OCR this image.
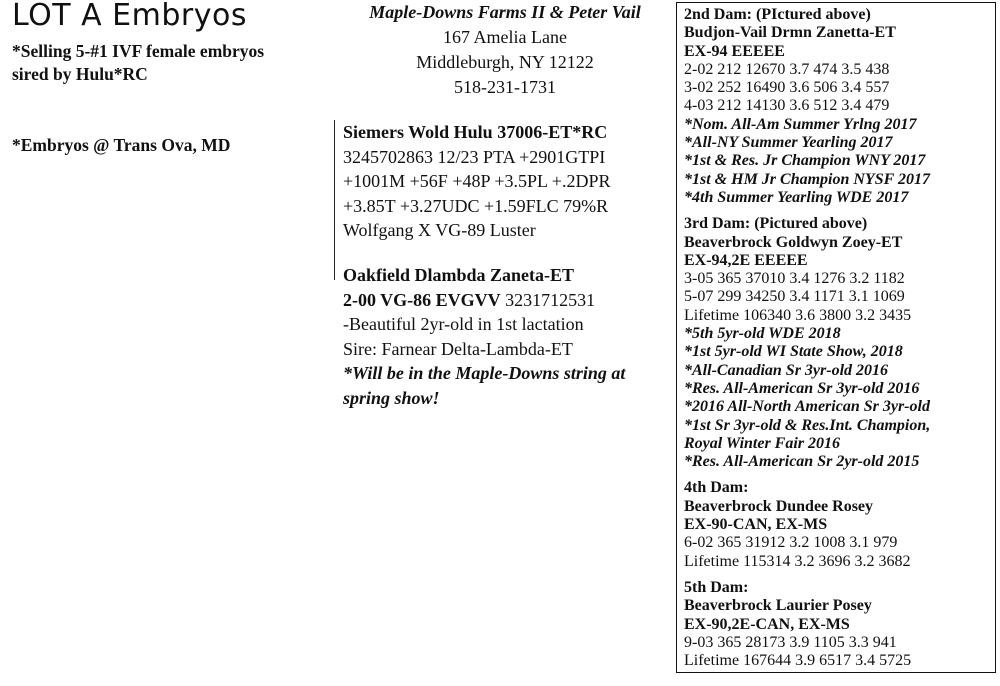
LOT A Embryos
*Selling 5-#1 IVF female embryos
sired by Hulu*RC
*Embryos @ Trans Ova, MD
Maple-Downs Farms II & Peter Vail
167 Amelia Lane
Middleburgh, NY 12122
518-231-1731
Siemers Wold Hulu 37006-ET*RC
3245702863 12/23 PTA +2901GTPI
+1001M +56F +48P +3.5PL +.2DPR
+3.85T +3.27UDC +1.59FLC 79%R
Wolfgang X VG-89 Luster
Oakfield Dlambda Zaneta-ET
2-00 VG-86 EVGVV 3231712531
-Beautiful 2yr-old in 1st lactation
Sire: Farnear Delta-Lambda-ET
*Will be in the Maple-Downs string at
spring show!
2nd Dam: (PIctured above)
Budjon-Vail Drmn Zanetta-ET
EX-94 EEEEE
2-02 212 12670 3.7 474 3.5 438
3-02 252 16490 3.6 506 3.4 557
4-03 212 14130 3.6 512 3.4 479
*Nom. All-Am Summer Yrlng 2017
*All-NY Summer Yearling 2017
*1st & Res. Jr Champion WNY 2017
*1st & HM Jr Champion NYSF 2017
*4th Summer Yearling WDE 2017
3rd Dam: (Pictured above)
Beaverbrock Goldwyn Zoey-ET
EX-94,2E EEEEE
3-05 365 37010 3.4 1276 3.2 1182
5-07 299 34250 3.4 1171 3.1 1069
Lifetime 106340 3.6 3800 3.2 3435
*5th 5yr-old WDE 2018
*1st 5yr-old WI State Show, 2018
*All-Canadian Sr 3yr-old 2016
*Res. All-American Sr 3yr-old 2016
*2016 All-North American Sr 3yr-old
*1st Sr 3yr-old & Res.Int. Champion,
Royal Winter Fair 2016
*Res. All-American Sr 2yr-old 2015
4th Dam:
Beaverbrock Dundee Rosey
EX-90-CAN, EX-MS
6-02 365 31912 3.2 1008 3.1 979
Lifetime 115314 3.2 3696 3.2 3682
5th Dam:
Beaverbrock Laurier Posey
EX-90,2E-CAN, EX-MS
9-03 365 28173 3.9 1105 3.3 941
Lifetime 167644 3.9 6517 3.4 5725
